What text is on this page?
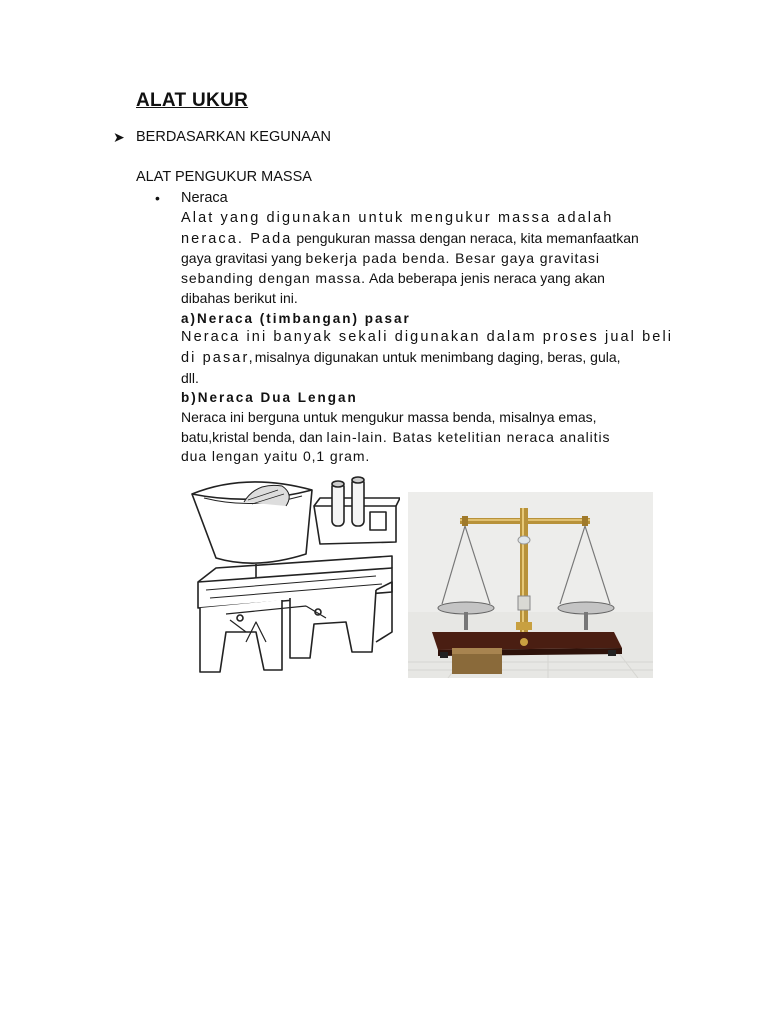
ALAT UKUR
➤ BERDASARKAN KEGUNAAN
ALAT PENGUKUR MASSA
• Neraca

Alat yang digunakan untuk mengukur massa adalah

neraca. Pada pengukuran massa dengan neraca, kita memanfaatkan

gaya gravitasi yang bekerja pada benda. Besar gaya gravitasi

sebanding dengan massa. Ada beberapa jenis neraca yang akan

dibahas berikut ini.

a)Neraca (timbangan) pasar

Neraca ini banyak sekali digunakan dalam proses jual beli

di pasar,misalnya digunakan untuk menimbang daging, beras, gula,

dll.

b)Neraca Dua Lengan

Neraca ini berguna untuk mengukur massa benda, misalnya emas,

batu,kristal benda, dan lain-lain. Batas ketelitian neraca analitis

dua lengan yaitu 0,1 gram.
